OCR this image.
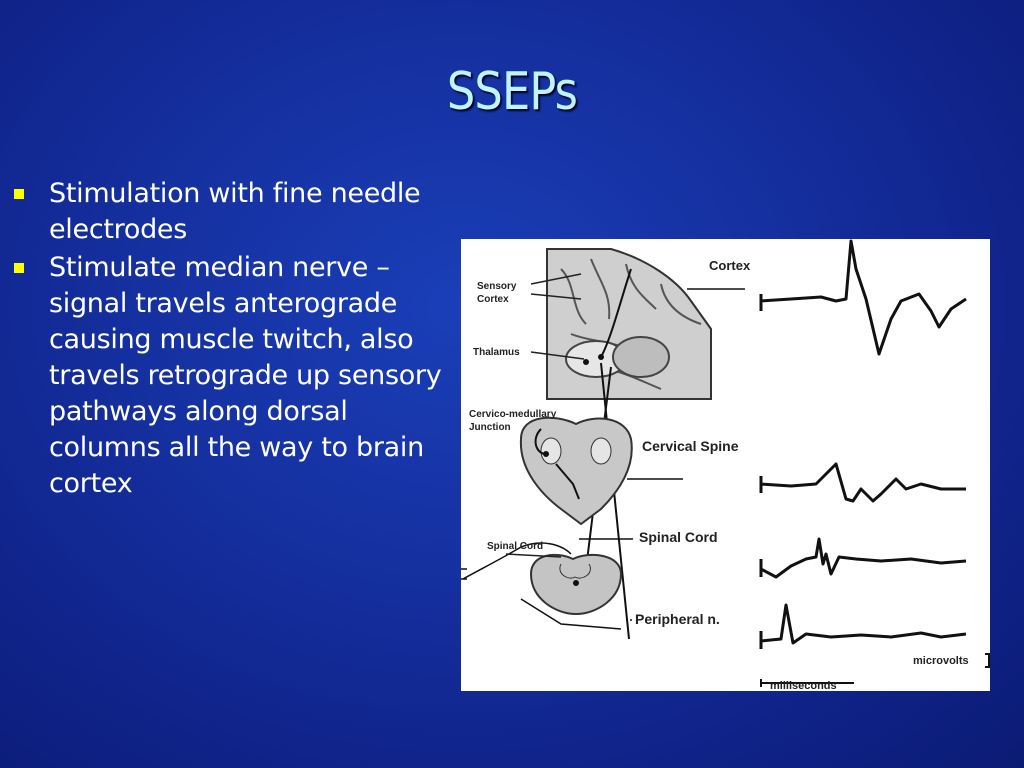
SSEPs
Stimulation with fine needle electrodes
Stimulate median nerve – signal travels anterograde causing muscle twitch, also travels retrograde up sensory pathways along dorsal columns all the way to brain cortex
Sensory
Cortex
Thalamus
Cervico-medullary
Junction
Spinal Cord
Cortex
Cervical Spine
Spinal Cord
Peripheral n.
microvolts
milliseconds
